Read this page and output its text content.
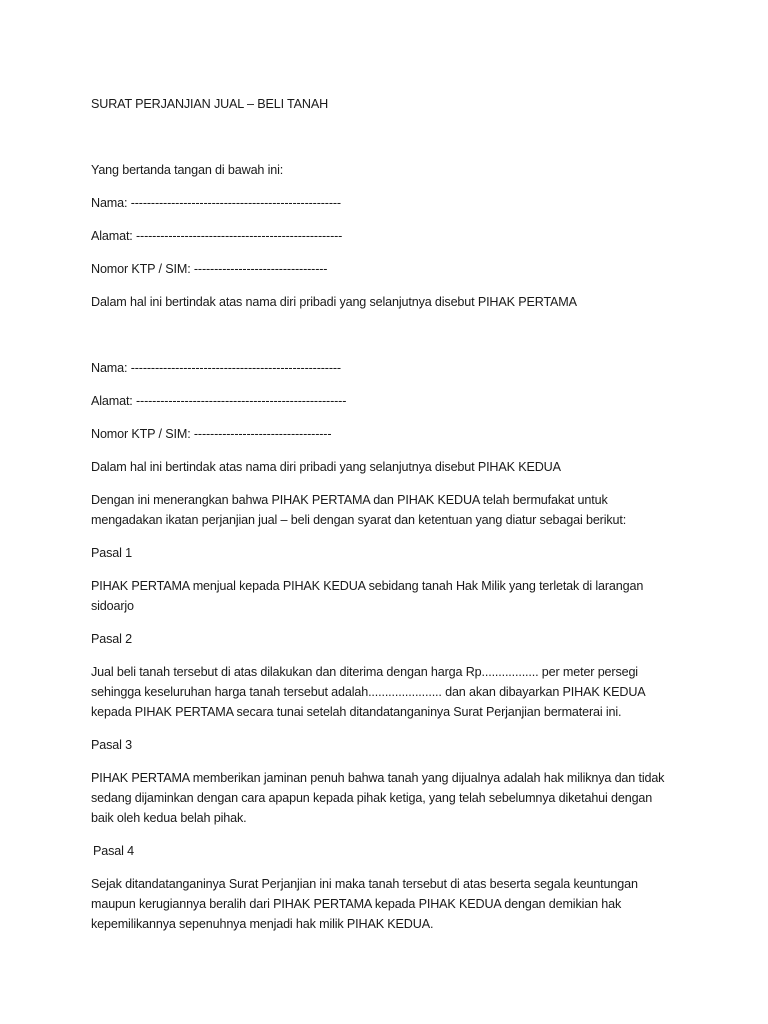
SURAT PERJANJIAN JUAL – BELI TANAH

Yang bertanda tangan di bawah ini:

Nama: ----------------------------------------------------

Alamat: ---------------------------------------------------

Nomor KTP / SIM: ---------------------------------

Dalam hal ini bertindak atas nama diri pribadi yang selanjutnya disebut PIHAK PERTAMA

Nama: ----------------------------------------------------

Alamat: ----------------------------------------------------

Nomor KTP / SIM: ----------------------------------

Dalam hal ini bertindak atas nama diri pribadi yang selanjutnya disebut PIHAK KEDUA

Dengan ini menerangkan bahwa PIHAK PERTAMA dan PIHAK KEDUA telah bermufakat untuk

mengadakan ikatan perjanjian jual – beli dengan syarat dan ketentuan yang diatur sebagai berikut:

Pasal 1

PIHAK PERTAMA menjual kepada PIHAK KEDUA sebidang tanah Hak Milik yang terletak di larangan

sidoarjo

Pasal 2

Jual beli tanah tersebut di atas dilakukan dan diterima dengan harga Rp................. per meter persegi

sehingga keseluruhan harga tanah tersebut adalah...................... dan akan dibayarkan PIHAK KEDUA

kepada PIHAK PERTAMA secara tunai setelah ditandatanganinya Surat Perjanjian bermaterai ini.

Pasal 3

PIHAK PERTAMA memberikan jaminan penuh bahwa tanah yang dijualnya adalah hak miliknya dan tidak

sedang dijaminkan dengan cara apapun kepada pihak ketiga, yang telah sebelumnya diketahui dengan

baik oleh kedua belah pihak.

Pasal 4

Sejak ditandatanganinya Surat Perjanjian ini maka tanah tersebut di atas beserta segala keuntungan

maupun kerugiannya beralih dari PIHAK PERTAMA kepada PIHAK KEDUA dengan demikian hak

kepemilikannya sepenuhnya menjadi hak milik PIHAK KEDUA.
